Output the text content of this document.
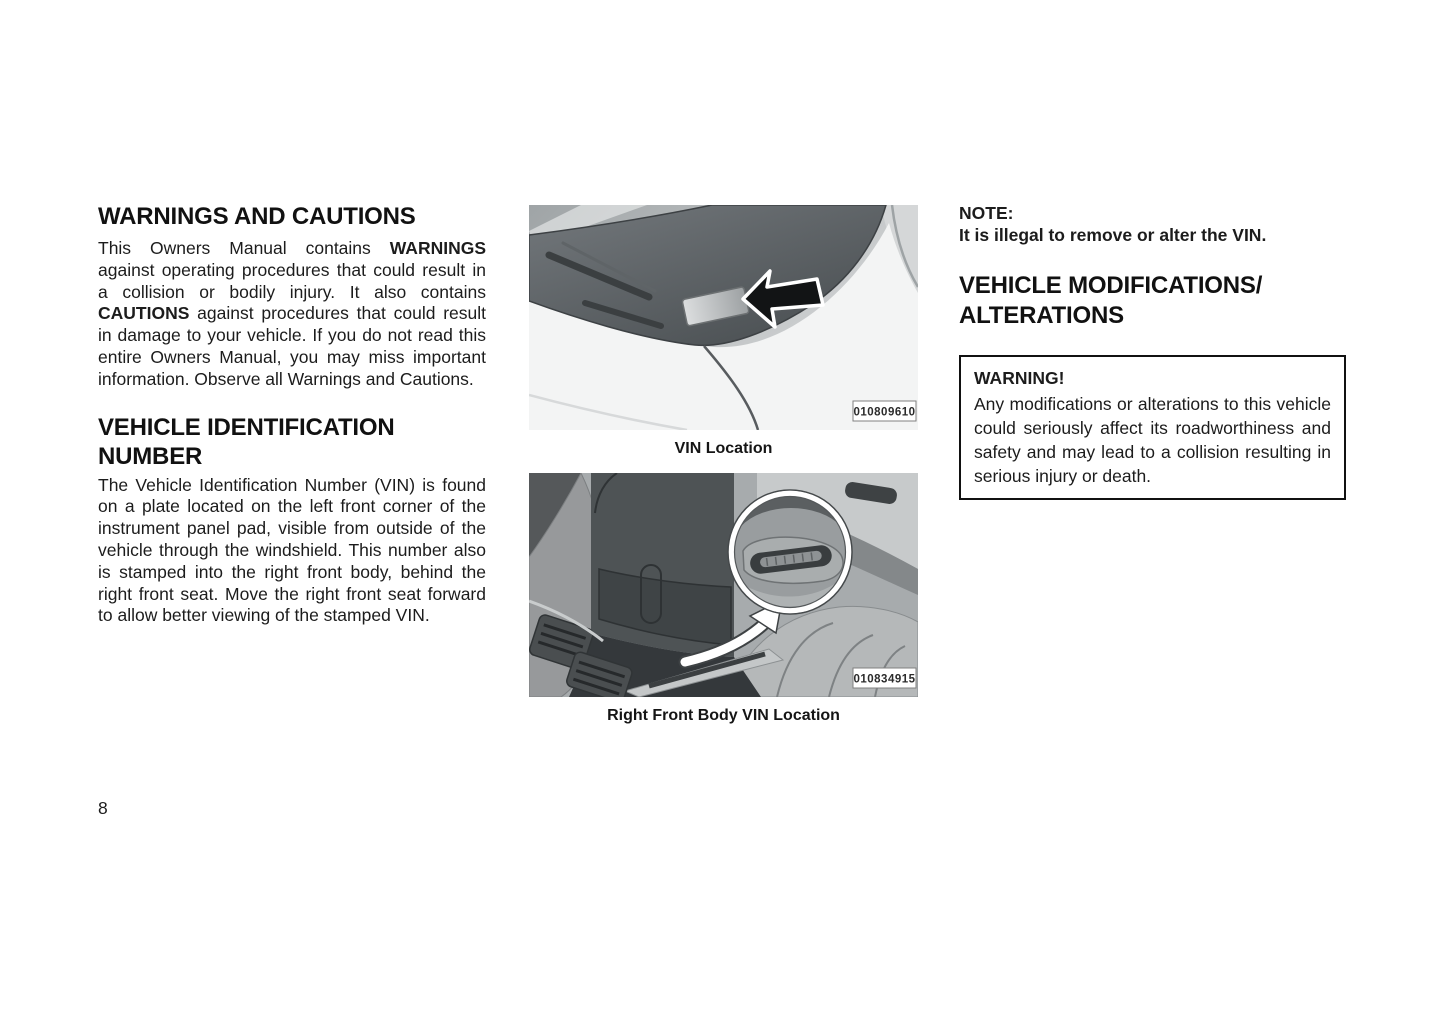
WARNINGS AND CAUTIONS

This Owners Manual contains WARNINGS against operating procedures that could result in a collision or bodily injury. It also contains CAUTIONS against procedures that could result in damage to your vehicle. If you do not read this entire Owners Manual, you may miss important information. Observe all Warnings and Cautions.

VEHICLE IDENTIFICATION NUMBER

The Vehicle Identification Number (VIN) is found on a plate located on the left front corner of the instrument panel pad, visible from outside of the vehicle through the windshield. This number also is stamped into the right front body, behind the right front seat. Move the right front seat forward to allow better viewing of the stamped VIN.

010809610
VIN Location
010834915
Right Front Body VIN Location

NOTE:

It is illegal to remove or alter the VIN.

VEHICLE MODIFICATIONS/
ALTERATIONS

WARNING!

Any modifications or alterations to this vehicle could seriously affect its roadworthiness and safety and may lead to a collision resulting in serious injury or death.

8
